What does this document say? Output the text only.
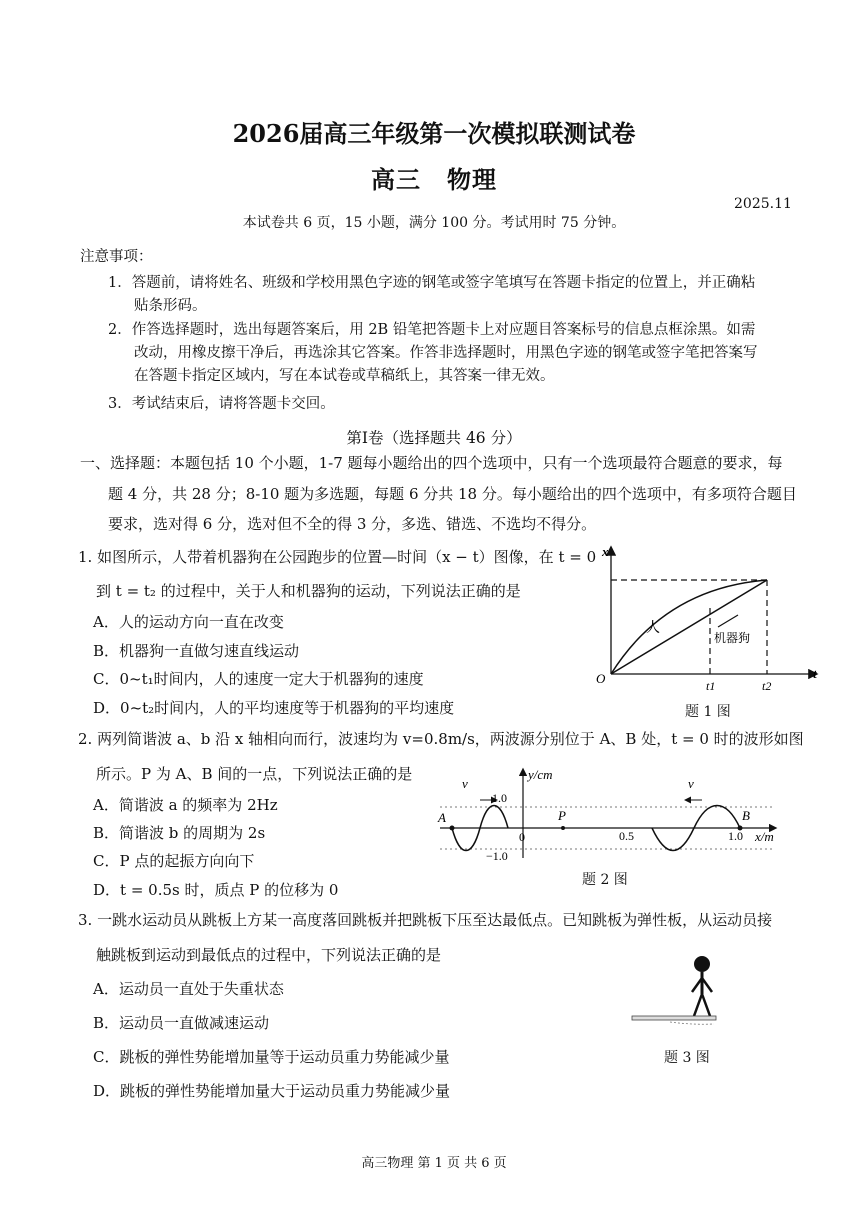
2026届高三年级第一次模拟联测试卷
高三 物理
2025.11
本试卷共 6 页，15 小题，满分 100 分。考试用时 75 分钟。
注意事项：
1．答题前，请将姓名、班级和学校用黑色字迹的钢笔或签字笔填写在答题卡指定的位置上，并正确粘
贴条形码。
2．作答选择题时，选出每题答案后，用 2B 铅笔把答题卡上对应题目答案标号的信息点框涂黑。如需
改动，用橡皮擦干净后，再选涂其它答案。作答非选择题时，用黑色字迹的钢笔或签字笔把答案写
在答题卡指定区域内，写在本试卷或草稿纸上，其答案一律无效。
3．考试结束后，请将答题卡交回。
第Ⅰ卷（选择题共 46 分）
一、选择题：本题包括 10 个小题，1-7 题每小题给出的四个选项中，只有一个选项最符合题意的要求，每
题 4 分，共 28 分；8-10 题为多选题，每题 6 分共 18 分。每小题给出的四个选项中，有多项符合题目
要求，选对得 6 分，选对但不全的得 3 分，多选、错选、不选均不得分。
1. 如图所示，人带着机器狗在公园跑步的位置—时间（x − t）图像，在 t = 0
到 t = t₂ 的过程中，关于人和机器狗的运动，下列说法正确的是
A．人的运动方向一直在改变
B．机器狗一直做匀速直线运动
C．0~t₁时间内，人的速度一定大于机器狗的速度
D．0~t₂时间内，人的平均速度等于机器狗的平均速度
x
t
O	t1	t2
人
机器狗
题 1 图
2. 两列简谐波 a、b 沿 x 轴相向而行，波速均为 v=0.8m/s，两波源分别位于 A、B 处，t = 0 时的波形如图
所示。P 为 A、B 间的一点，下列说法正确的是
A．简谐波 a 的频率为 2Hz
B．简谐波 b 的周期为 2s
C．P 点的起振方向向下
D．t = 0.5s 时，质点 P 的位移为 0
v	v
y/cm
1.0
−1.0
0	0.5	1.0 x/m
A	B
P
题 2 图
3. 一跳水运动员从跳板上方某一高度落回跳板并把跳板下压至达最低点。已知跳板为弹性板，从运动员接
触跳板到运动到最低点的过程中，下列说法正确的是
A．运动员一直处于失重状态
B．运动员一直做减速运动
C．跳板的弹性势能增加量等于运动员重力势能减少量
D．跳板的弹性势能增加量大于运动员重力势能减少量
题 3 图
高三物理 第 1 页 共 6 页
